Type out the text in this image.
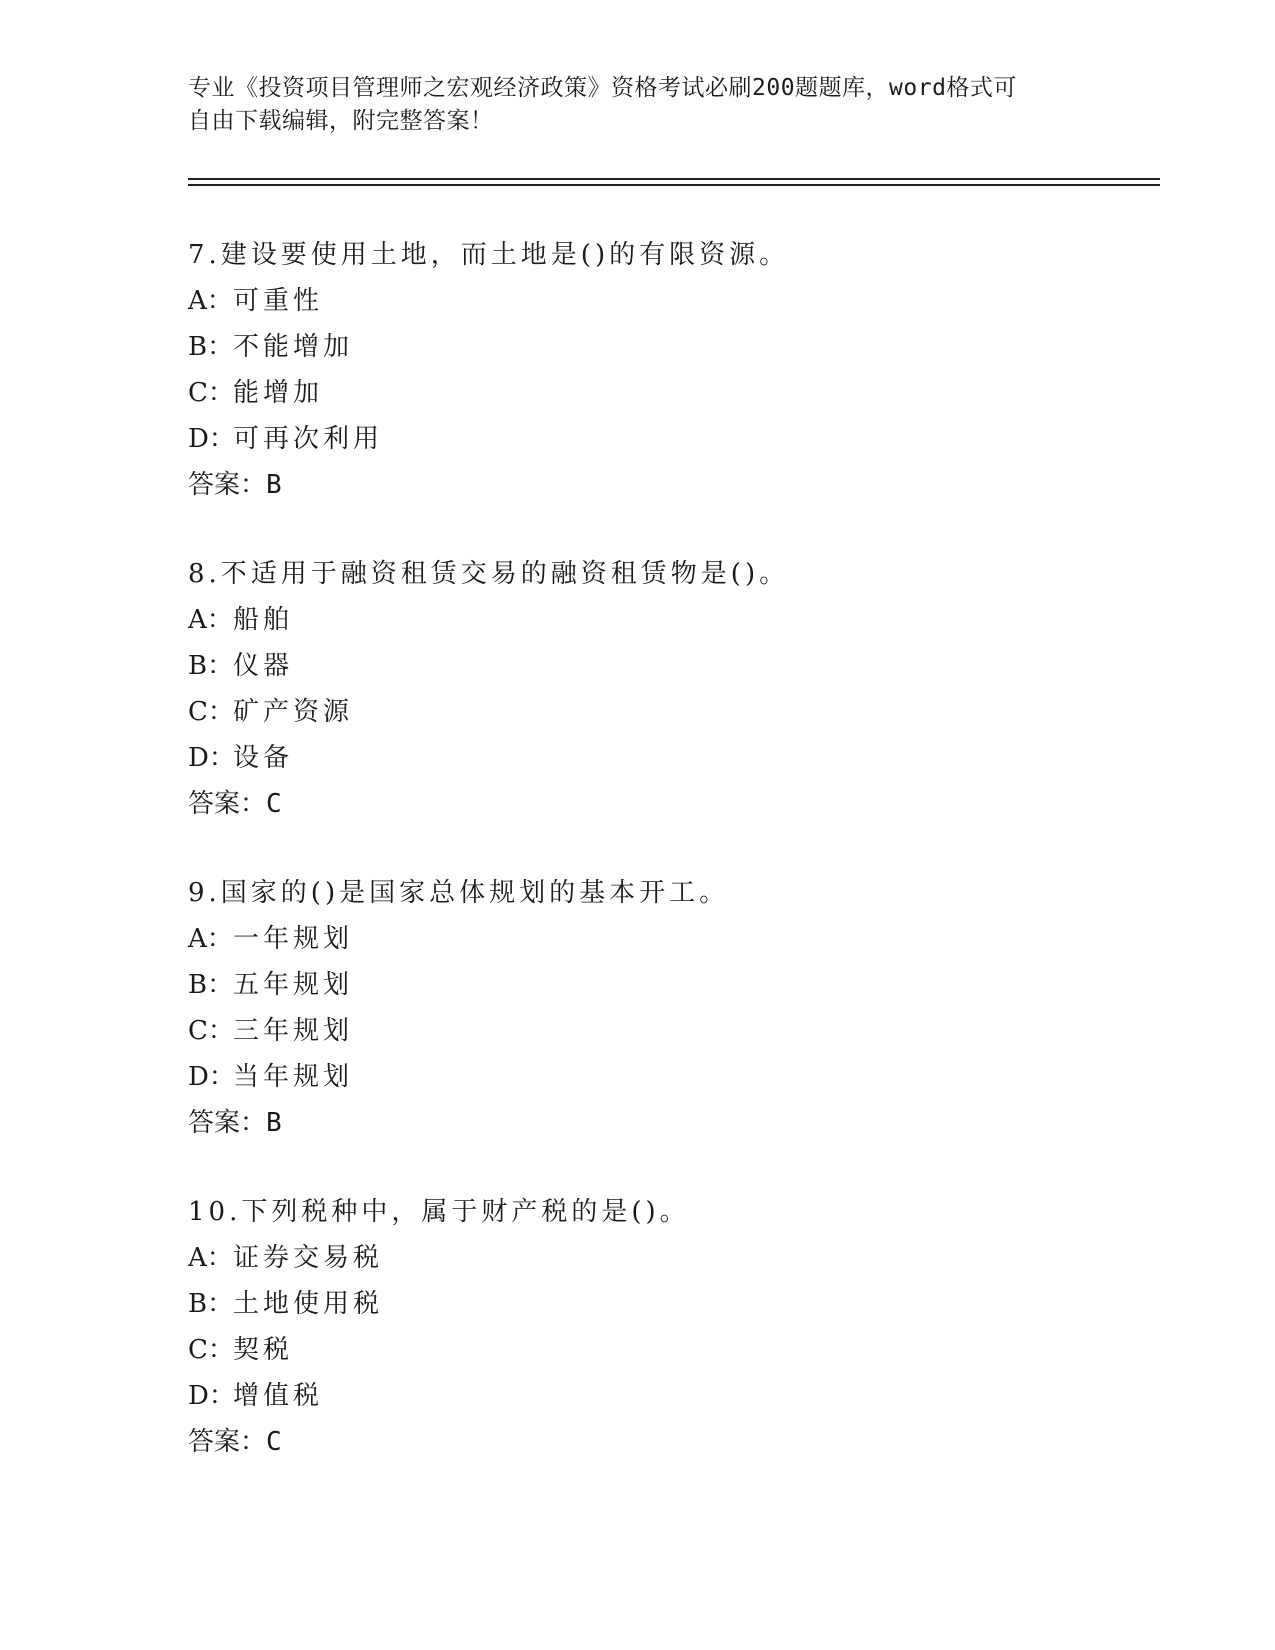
专业《投资项目管理师之宏观经济政策》资格考试必刷200题题库，word格式可
自由下载编辑，附完整答案！
7.建设要使用土地，而土地是()的有限资源。
A：可重性
B：不能增加
C：能增加
D：可再次利用
答案：B
8.不适用于融资租赁交易的融资租赁物是()。
A：船舶
B：仪器
C：矿产资源
D：设备
答案：C
9.国家的()是国家总体规划的基本开工。
A：一年规划
B：五年规划
C：三年规划
D：当年规划
答案：B
10.下列税种中，属于财产税的是()。
A：证券交易税
B：土地使用税
C：契税
D：增值税
答案：C
